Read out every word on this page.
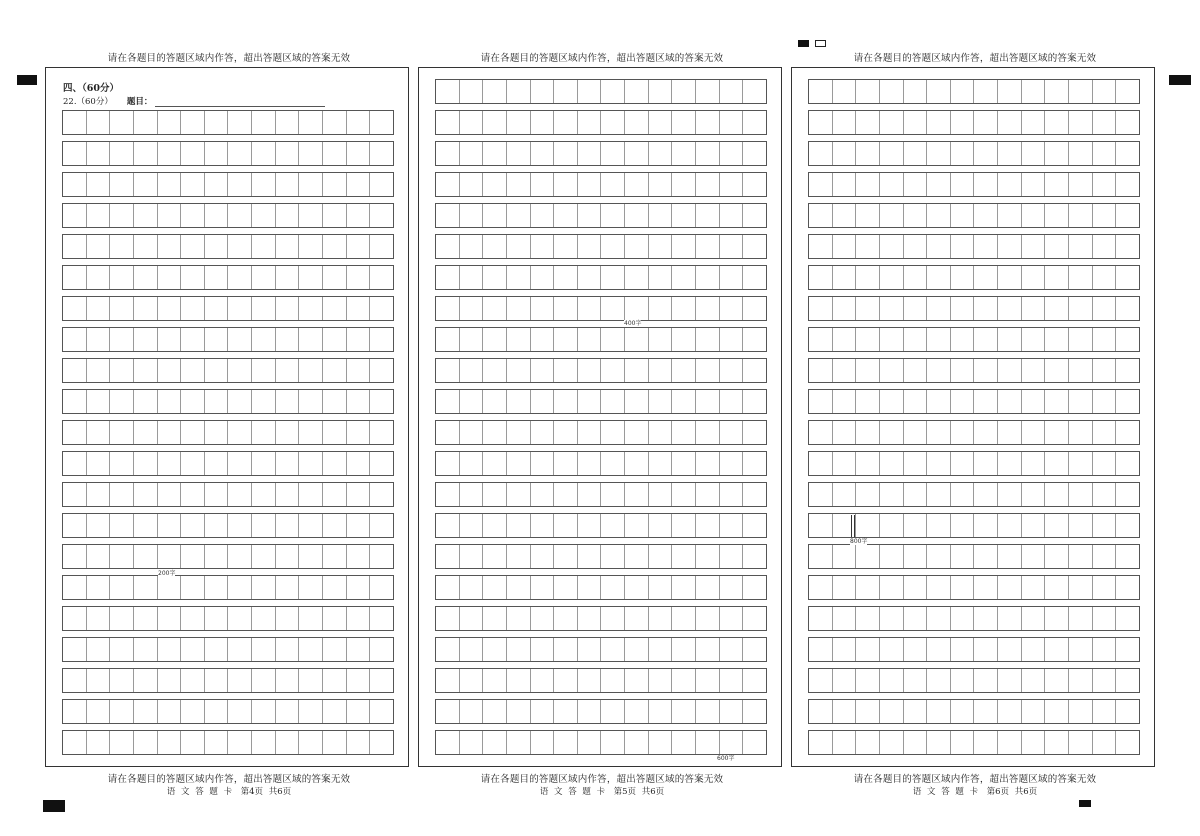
请在各题目的答题区域内作答，超出答题区域的答案无效
四、（60分）
22.（60分） 题目：
200字
请在各题目的答题区域内作答，超出答题区域的答案无效
语 文 答 题 卡　第4页 共6页
请在各题目的答题区域内作答，超出答题区域的答案无效
400字
600字
请在各题目的答题区域内作答，超出答题区域的答案无效
语 文 答 题 卡　第5页 共6页
请在各题目的答题区域内作答，超出答题区域的答案无效
800字
请在各题目的答题区域内作答，超出答题区域的答案无效
语 文 答 题 卡　第6页 共6页
